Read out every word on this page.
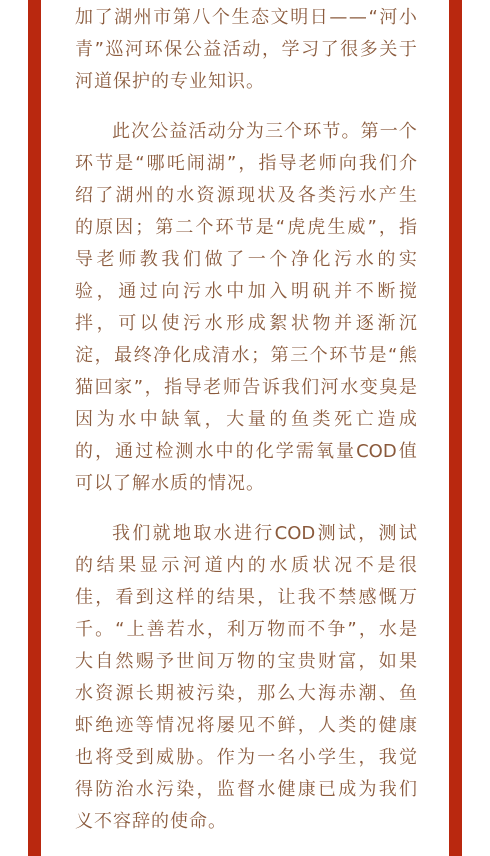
加 了 湖 州 市 第 八 个 生 态 文 明 日 — — “ 河 小
青 ” 巡 河 环 保 公 益 活 动 ， 学 习 了 很 多 关 于
河道保护的专业知识。
此 次 公 益 活 动 分 为 三 个 环 节 。 第 一 个
环 节 是 “ 哪 吒 闹 湖 ” ， 指 导 老 师 向 我 们 介
绍 了 湖 州 的 水 资 源 现 状 及 各 类 污 水 产 生
的 原 因 ； 第 二 个 环 节 是 “ 虎 虎 生 威 ” ， 指
导 老 师 教 我 们 做 了 一 个 净 化 污 水 的 实
验 ， 通 过 向 污 水 中 加 入 明 矾 并 不 断 搅
拌 ， 可 以 使 污 水 形 成 絮 状 物 并 逐 渐 沉
淀 ， 最 终 净 化 成 清 水 ； 第 三 个 环 节 是 “ 熊
猫 回 家 ” ， 指 导 老 师 告 诉 我 们 河 水 变 臭 是
因 为 水 中 缺 氧 ， 大 量 的 鱼 类 死 亡 造 成
的 ， 通 过 检 测 水 中 的 化 学 需 氧 量 COD 值
可以了解水质的情况。
我 们 就 地 取 水 进 行 COD 测 试 ， 测 试
的 结 果 显 示 河 道 内 的 水 质 状 况 不 是 很
佳 ， 看 到 这 样 的 结 果 ， 让 我 不 禁 感 慨 万
千 。 “ 上 善 若 水 ， 利 万 物 而 不 争 ” ， 水 是
大 自 然 赐 予 世 间 万 物 的 宝 贵 财 富 ， 如 果
水 资 源 长 期 被 污 染 ， 那 么 大 海 赤 潮 、 鱼
虾 绝 迹 等 情 况 将 屡 见 不 鲜 ， 人 类 的 健 康
也 将 受 到 威 胁 。 作 为 一 名 小 学 生 ， 我 觉
得 防 治 水 污 染 ， 监 督 水 健 康 已 成 为 我 们
义不容辞的使命。
